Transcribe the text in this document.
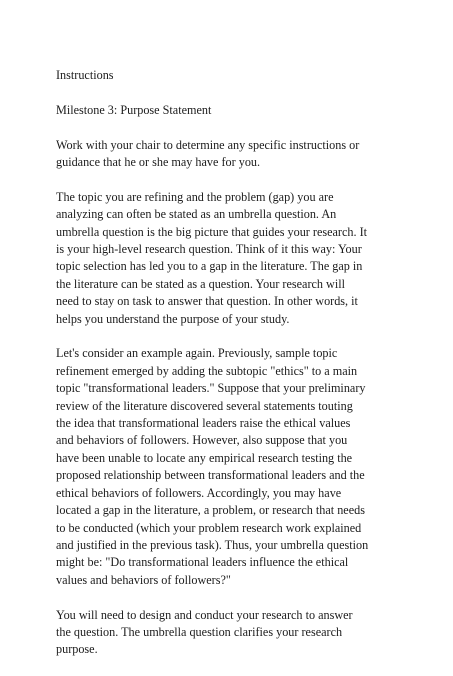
Instructions

Milestone 3: Purpose Statement

Work with your chair to determine any specific instructions or
guidance that he or she may have for you.

The topic you are refining and the problem (gap) you are
analyzing can often be stated as an umbrella question. An
umbrella question is the big picture that guides your research. It
is your high-level research question. Think of it this way: Your
topic selection has led you to a gap in the literature. The gap in
the literature can be stated as a question. Your research will
need to stay on task to answer that question. In other words, it
helps you understand the purpose of your study.

Let's consider an example again. Previously, sample topic
refinement emerged by adding the subtopic "ethics" to a main
topic "transformational leaders." Suppose that your preliminary
review of the literature discovered several statements touting
the idea that transformational leaders raise the ethical values
and behaviors of followers. However, also suppose that you
have been unable to locate any empirical research testing the
proposed relationship between transformational leaders and the
ethical behaviors of followers. Accordingly, you may have
located a gap in the literature, a problem, or research that needs
to be conducted (which your problem research work explained
and justified in the previous task). Thus, your umbrella question
might be: "Do transformational leaders influence the ethical
values and behaviors of followers?"

You will need to design and conduct your research to answer
the question. The umbrella question clarifies your research
purpose.
